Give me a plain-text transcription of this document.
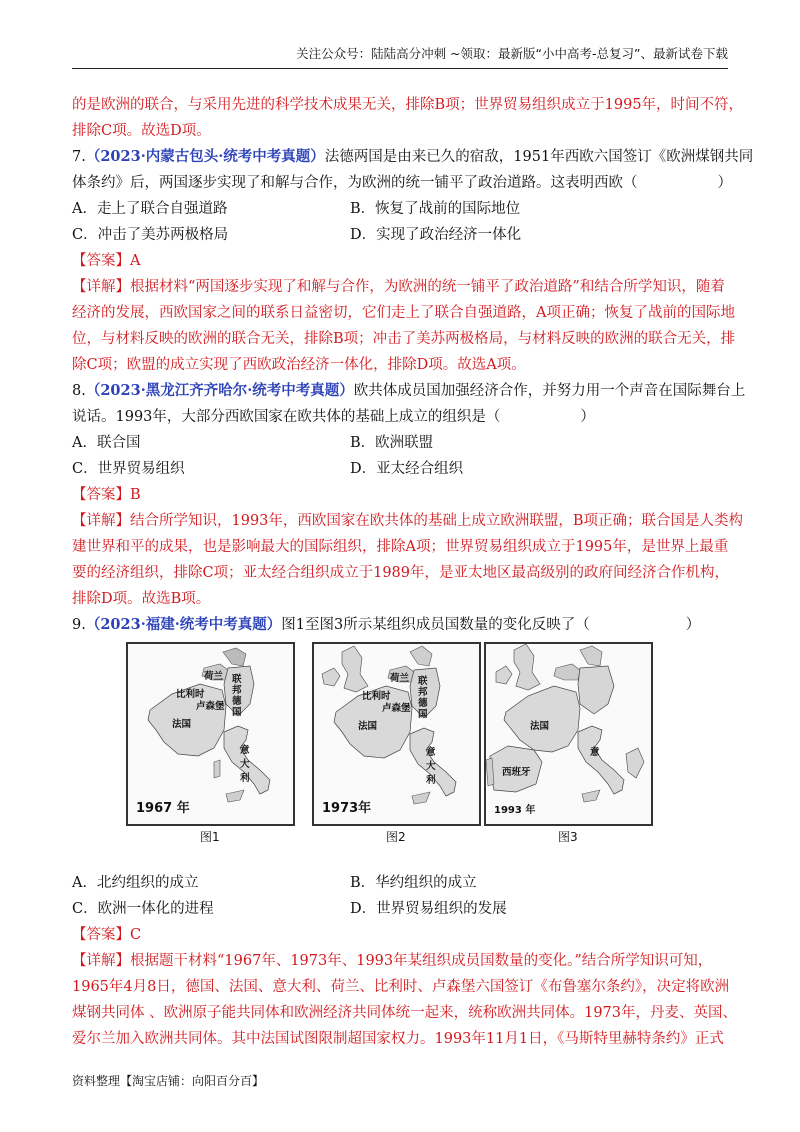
关注公众号：陆陆高分冲刺 ~领取：最新版“小中高考-总复习”、最新试卷下载
的是欧洲的联合，与采用先进的科学技术成果无关，排除B项；世界贸易组织成立于1995年，时间不符，
排除C项。故选D项。
7.（2023·内蒙古包头·统考中考真题）法德两国是由来已久的宿敌，1951年西欧六国签订《欧洲煤钢共同
体条约》后，两国逐步实现了和解与合作，为欧洲的统一铺平了政治道路。这表明西欧（	）
A．走上了联合自强道路	B．恢复了战前的国际地位
C．冲击了美苏两极格局	D．实现了政治经济一体化
【答案】A
【详解】根据材料“两国逐步实现了和解与合作，为欧洲的统一铺平了政治道路”和结合所学知识，随着
经济的发展，西欧国家之间的联系日益密切，它们走上了联合自强道路，A项正确；恢复了战前的国际地
位，与材料反映的欧洲的联合无关，排除B项；冲击了美苏两极格局，与材料反映的欧洲的联合无关，排
除C项；欧盟的成立实现了西欧政治经济一体化，排除D项。故选A项。
8.（2023·黑龙江齐齐哈尔·统考中考真题）欧共体成员国加强经济合作，并努力用一个声音在国际舞台上
说话。1993年，大部分西欧国家在欧共体的基础上成立的组织是（	）
A．联合国	B．欧洲联盟
C．世界贸易组织	D．亚太经合组织
【答案】B
【详解】结合所学知识，1993年，西欧国家在欧共体的基础上成立欧洲联盟，B项正确；联合国是人类构
建世界和平的成果，也是影响最大的国际组织，排除A项；世界贸易组织成立于1995年，是世界上最重
要的经济组织，排除C项；亚太经合组织成立于1989年，是亚太地区最高级别的政府间经济合作机构，
排除D项。故选B项。
9.（2023·福建·统考中考真题）图1至图3所示某组织成员国数量的变化反映了（	）
荷兰
比利时
卢森堡
法国
联邦德国
意大利
1967 年
图1
荷兰
比利时
卢森堡
法国
联邦德国
意大利
1973年
图2
西班牙
法国
意
1993 年
图3
A．北约组织的成立	B．华约组织的成立
C．欧洲一体化的进程	D．世界贸易组织的发展
【答案】C
【详解】根据题干材料“1967年、1973年、1993年某组织成员国数量的变化。”结合所学知识可知，
1965年4月8日，德国、法国、意大利、荷兰、比利时、卢森堡六国签订《布鲁塞尔条约》，决定将欧洲
煤钢共同体 、欧洲原子能共同体和欧洲经济共同体统一起来，统称欧洲共同体。1973年，丹麦、英国、
爱尔兰加入欧洲共同体。其中法国试图限制超国家权力。1993年11月1日，《马斯特里赫特条约》正式
资料整理【淘宝店铺：向阳百分百】
